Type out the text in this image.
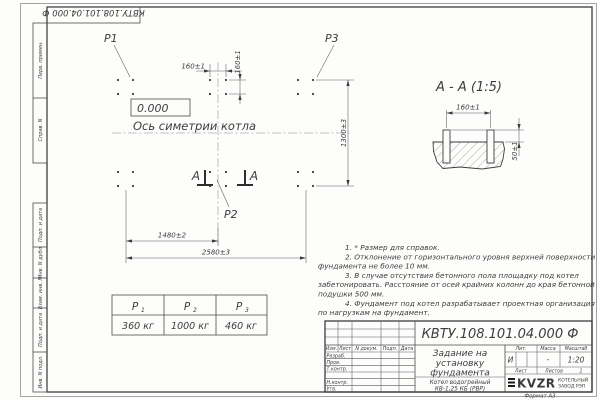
КВТУ.108.101.04.000 Ф
Перв. примен.
Справ. N
Подп. и дата
Инв. N дубл.
Взам. инв. N
Подп. и дата
Инв. N подл.
P1	P3
P2
0.000
Ось симетрии котла
160±1	160±1
1300±3
1480±2
2580±3
A	A
A - A (1:5)
160±1
50±1
1. * Размер для справок.
2. Отклонение от горизонтального уровня верхней поверхности
фундамента не более 10 мм.
3. В случае отсутствия бетонного пола площадку под котел
забетонировать. Расстояние от осей крайних колонн до края бетонной
подушки 500 мм.
4. Фундамент под котел разрабатывает проектная организация
по нагрузкам на фундамент.
P 1	P 2	P 3
360 кг 1000 кг 460 кг
Изм. Лист N докум. Подп. Дата
Разраб.
Пров.
Т.контр.
Н.контр.
Утв.
КВТУ.108.101.04.000 Ф
Задание на
установку
фундамента
Котел водогрейный
КВ-1,25 КБ (РВР)
Лит.	Масса Масштаб
И	- 1:20
Лист	Листов	1
KVZR КОТЕЛЬНЫЙ
ЗАВОД РЭП
Формат А3
